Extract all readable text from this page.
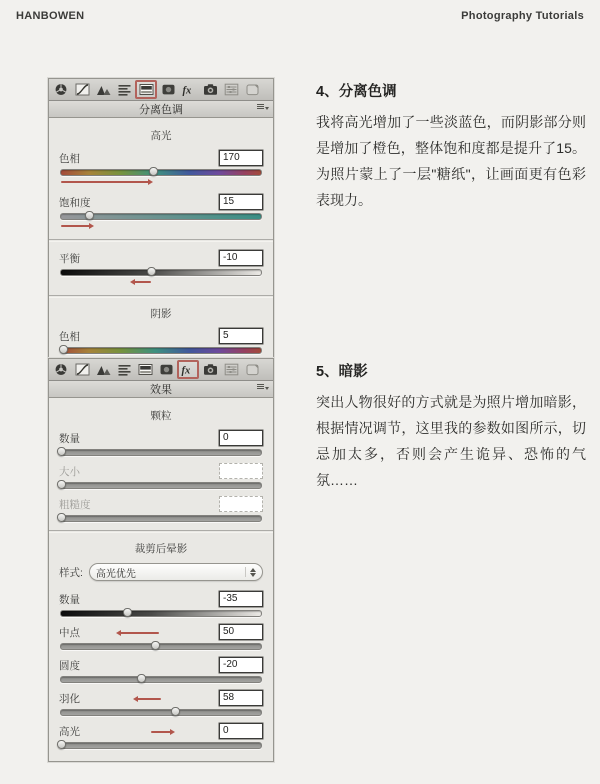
HANBOWEN	Photography Tutorials
fx
分离色调
高光
色相	170
饱和度	15
平衡	-10
阴影
色相	5
4、分离色调
我将高光增加了一些淡蓝色，而阴影部分则是增加了橙色，整体饱和度都是提升了15。为照片蒙上了一层"糖纸"，让画面更有色彩表现力。
fx
效果
颗粒
数量	0
大小
粗糙度
裁剪后晕影
样式: 高光优先
数量	-35
中点	50
圆度	-20
羽化	58
高光	0
5、暗影
突出人物很好的方式就是为照片增加暗影，根据情况调节，这里我的参数如图所示，切忌加太多，否则会产生诡异、恐怖的气氛……
